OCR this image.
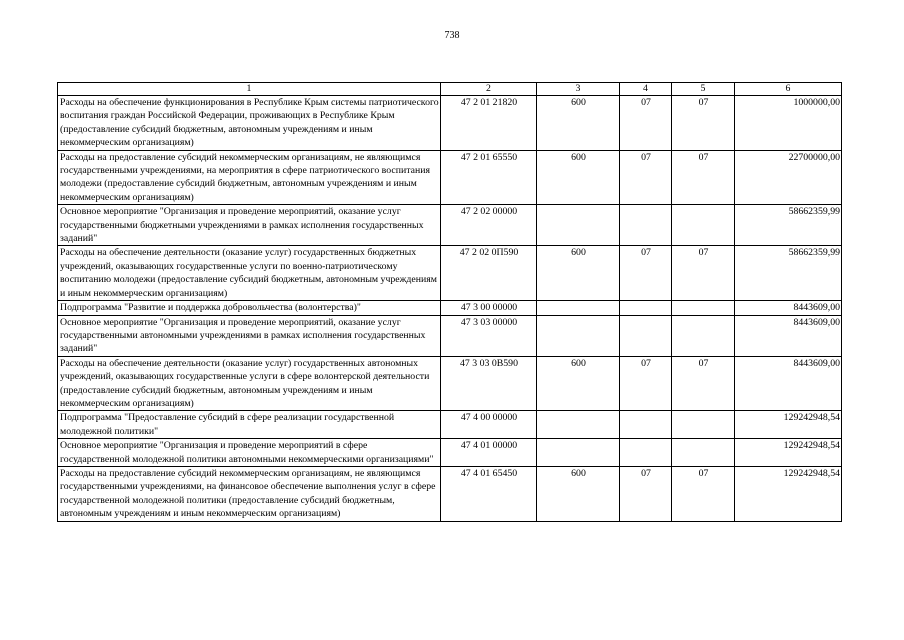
738
1	2	3	4	5	6
Расходы на обеспечение функционирования в Республике Крым системы патриотического воспитания граждан Российской Федерации, проживающих в Республике Крым (предоставление субсидий бюджетным, автономным учреждениям и иным некоммерческим организациям)	47 2 01 21820	600	07	07	1000000,00
Расходы на предоставление субсидий некоммерческим организациям, не являющимся государственными учреждениями, на мероприятия в сфере патриотического воспитания молодежи (предоставление субсидий бюджетным, автономным учреждениям и иным некоммерческим организациям)	47 2 01 65550	600	07	07	22700000,00
Основное мероприятие "Организация и проведение мероприятий, оказание услуг государственными бюджетными учреждениями в рамках исполнения государственных заданий"	47 2 02 00000				58662359,99
Расходы на обеспечение деятельности (оказание услуг) государственных бюджетных учреждений, оказывающих государственные услуги по военно-патриотическому воспитанию молодежи (предоставление субсидий бюджетным, автономным учреждениям и иным некоммерческим организациям)	47 2 02 0П590	600	07	07	58662359,99
Подпрограмма "Развитие и поддержка добровольчества (волонтерства)"	47 3 00 00000				8443609,00
Основное мероприятие "Организация и проведение мероприятий, оказание услуг государственными автономными учреждениями в рамках исполнения государственных заданий"	47 3 03 00000				8443609,00
Расходы на обеспечение деятельности (оказание услуг) государственных автономных учреждений, оказывающих государственные услуги в сфере волонтерской деятельности (предоставление субсидий бюджетным, автономным учреждениям и иным некоммерческим организациям)	47 3 03 0В590	600	07	07	8443609,00
Подпрограмма "Предоставление субсидий в сфере реализации государственной молодежной политики"	47 4 00 00000				129242948,54
Основное мероприятие "Организация и проведение мероприятий в сфере государственной молодежной политики автономными некоммерческими организациями"	47 4 01 00000				129242948,54
Расходы на предоставление субсидий некоммерческим организациям, не являющимся государственными учреждениями, на финансовое обеспечение выполнения услуг в сфере государственной молодежной политики (предоставление субсидий бюджетным, автономным учреждениям и иным некоммерческим организациям)	47 4 01 65450	600	07	07	129242948,54
